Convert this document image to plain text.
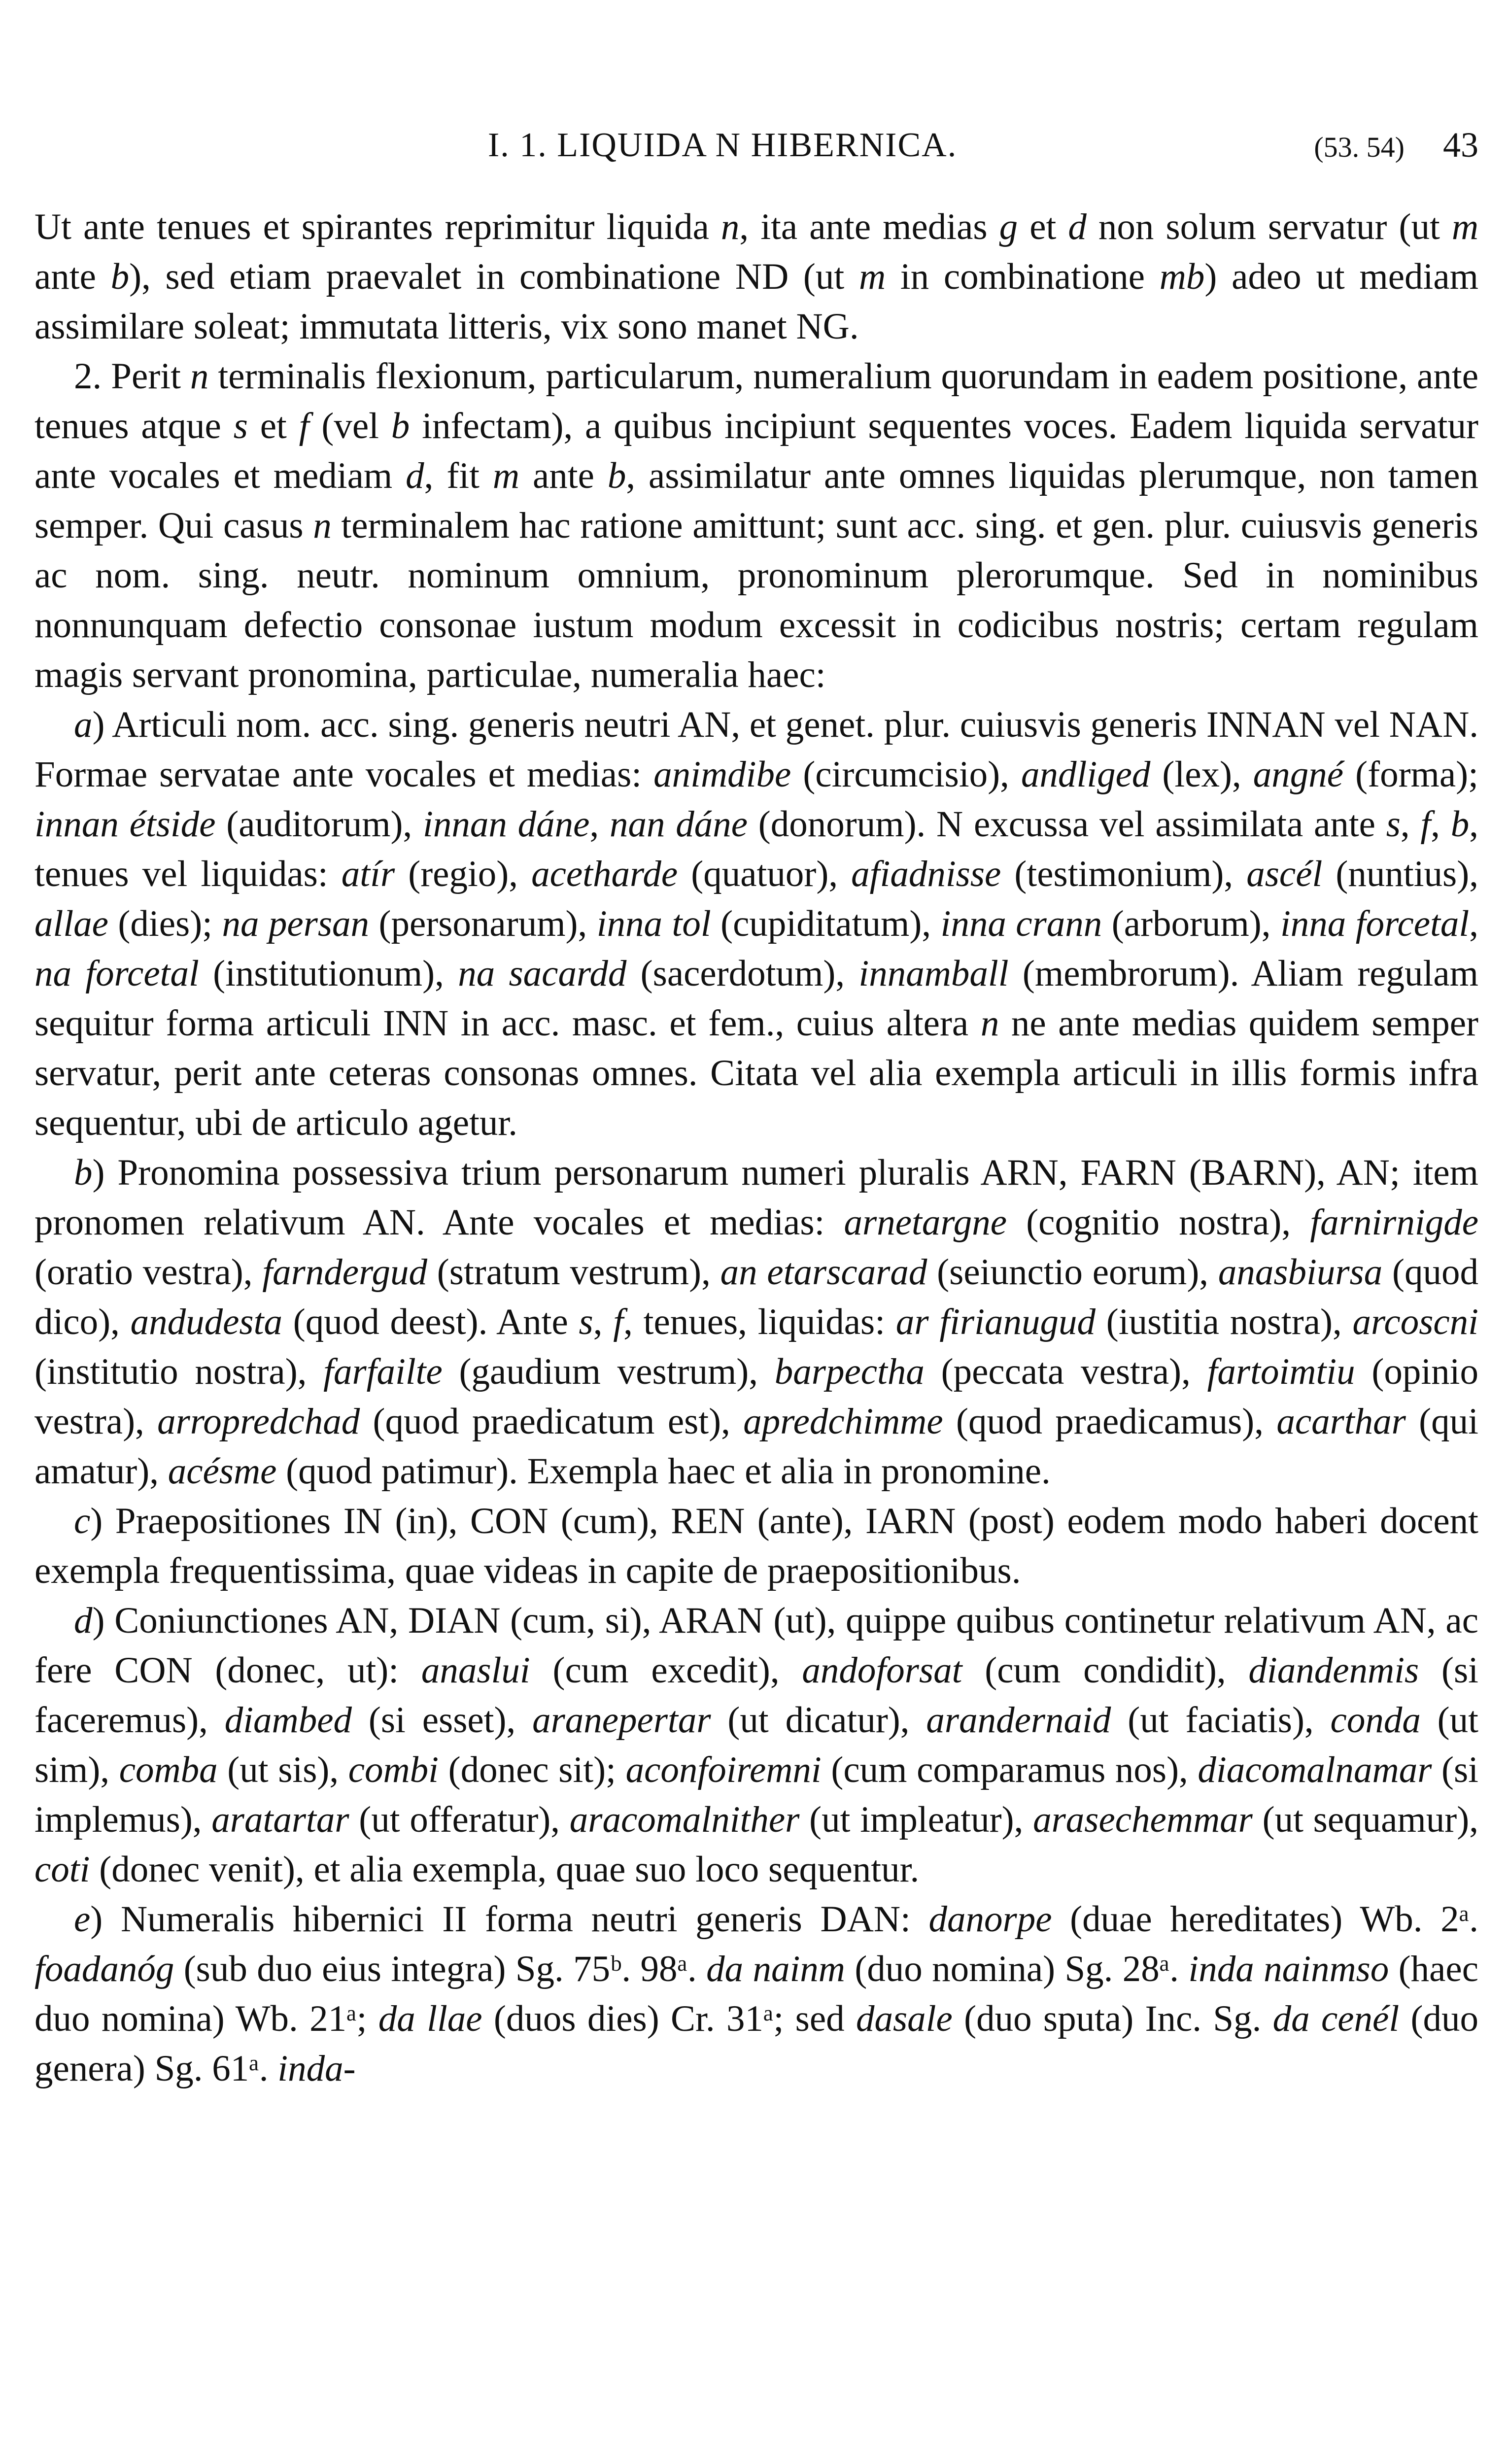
I. 1. LIQUIDA N HIBERNICA.	(53. 54) 43

Ut ante tenues et spirantes reprimitur liquida n, ita ante medias g et d non solum servatur (ut m ante b), sed etiam praevalet in combinatione ND (ut m in combinatione mb) adeo ut mediam assimilare soleat; immutata litteris, vix sono manet NG.

2. Perit n terminalis flexionum, particularum, numeralium quorundam in eadem positione, ante tenues atque s et f (vel b infectam), a quibus incipiunt sequentes voces. Eadem liquida servatur ante vocales et mediam d, fit m ante b, assimilatur ante omnes liquidas plerumque, non tamen semper. Qui casus n terminalem hac ratione amittunt; sunt acc. sing. et gen. plur. cuiusvis generis ac nom. sing. neutr. nominum omnium, pronominum plerorumque. Sed in nominibus nonnunquam defectio consonae iustum modum excessit in codicibus nostris; certam regulam magis servant pronomina, particulae, numeralia haec:

a) Articuli nom. acc. sing. generis neutri AN, et genet. plur. cuiusvis generis INNAN vel NAN. Formae servatae ante vocales et medias: animdibe (circumcisio), andliged (lex), angné (forma); innan étside (auditorum), innan dáne, nan dáne (donorum). N excussa vel assimilata ante s, f, b, tenues vel liquidas: atír (regio), acetharde (quatuor), afiadnisse (testimonium), ascél (nuntius), allae (dies); na persan (personarum), inna tol (cupiditatum), inna crann (arborum), inna forcetal, na forcetal (institutionum), na sacardd (sacerdotum), innamball (membrorum). Aliam regulam sequitur forma articuli INN in acc. masc. et fem., cuius altera n ne ante medias quidem semper servatur, perit ante ceteras consonas omnes. Citata vel alia exempla articuli in illis formis infra sequentur, ubi de articulo agetur.

b) Pronomina possessiva trium personarum numeri pluralis ARN, FARN (BARN), AN; item pronomen relativum AN. Ante vocales et medias: arnetargne (cognitio nostra), farnirnigde (oratio vestra), farndergud (stratum vestrum), an etarscarad (seiunctio eorum), anasbiursa (quod dico), andudesta (quod deest). Ante s, f, tenues, liquidas: ar firianugud (iustitia nostra), arcoscni (institutio nostra), farfailte (gaudium vestrum), barpectha (peccata vestra), fartoimtiu (opinio vestra), arropredchad (quod praedicatum est), apredchimme (quod praedicamus), acarthar (qui amatur), acésme (quod patimur). Exempla haec et alia in pronomine.

c) Praepositiones IN (in), CON (cum), REN (ante), IARN (post) eodem modo haberi docent exempla frequentissima, quae videas in capite de praepositionibus.

d) Coniunctiones AN, DIAN (cum, si), ARAN (ut), quippe quibus continetur relativum AN, ac fere CON (donec, ut): anaslui (cum excedit), andoforsat (cum condidit), diandenmis (si faceremus), diambed (si esset), aranepertar (ut dicatur), arandernaid (ut faciatis), conda (ut sim), comba (ut sis), combi (donec sit); aconfoiremni (cum comparamus nos), diacomalnamar (si implemus), aratartar (ut offeratur), aracomalnither (ut impleatur), arasechemmar (ut sequamur), coti (donec venit), et alia exempla, quae suo loco sequentur.

e) Numeralis hibernici II forma neutri generis DAN: danorpe (duae hereditates) Wb. 2ᵃ. foadanóg (sub duo eius integra) Sg. 75ᵇ. 98ᵃ. da nainm (duo nomina) Sg. 28ᵃ. inda nainmso (haec duo nomina) Wb. 21ᵃ; da llae (duos dies) Cr. 31ᵃ; sed dasale (duo sputa) Inc. Sg. da cenél (duo genera) Sg. 61ᵃ. inda-
